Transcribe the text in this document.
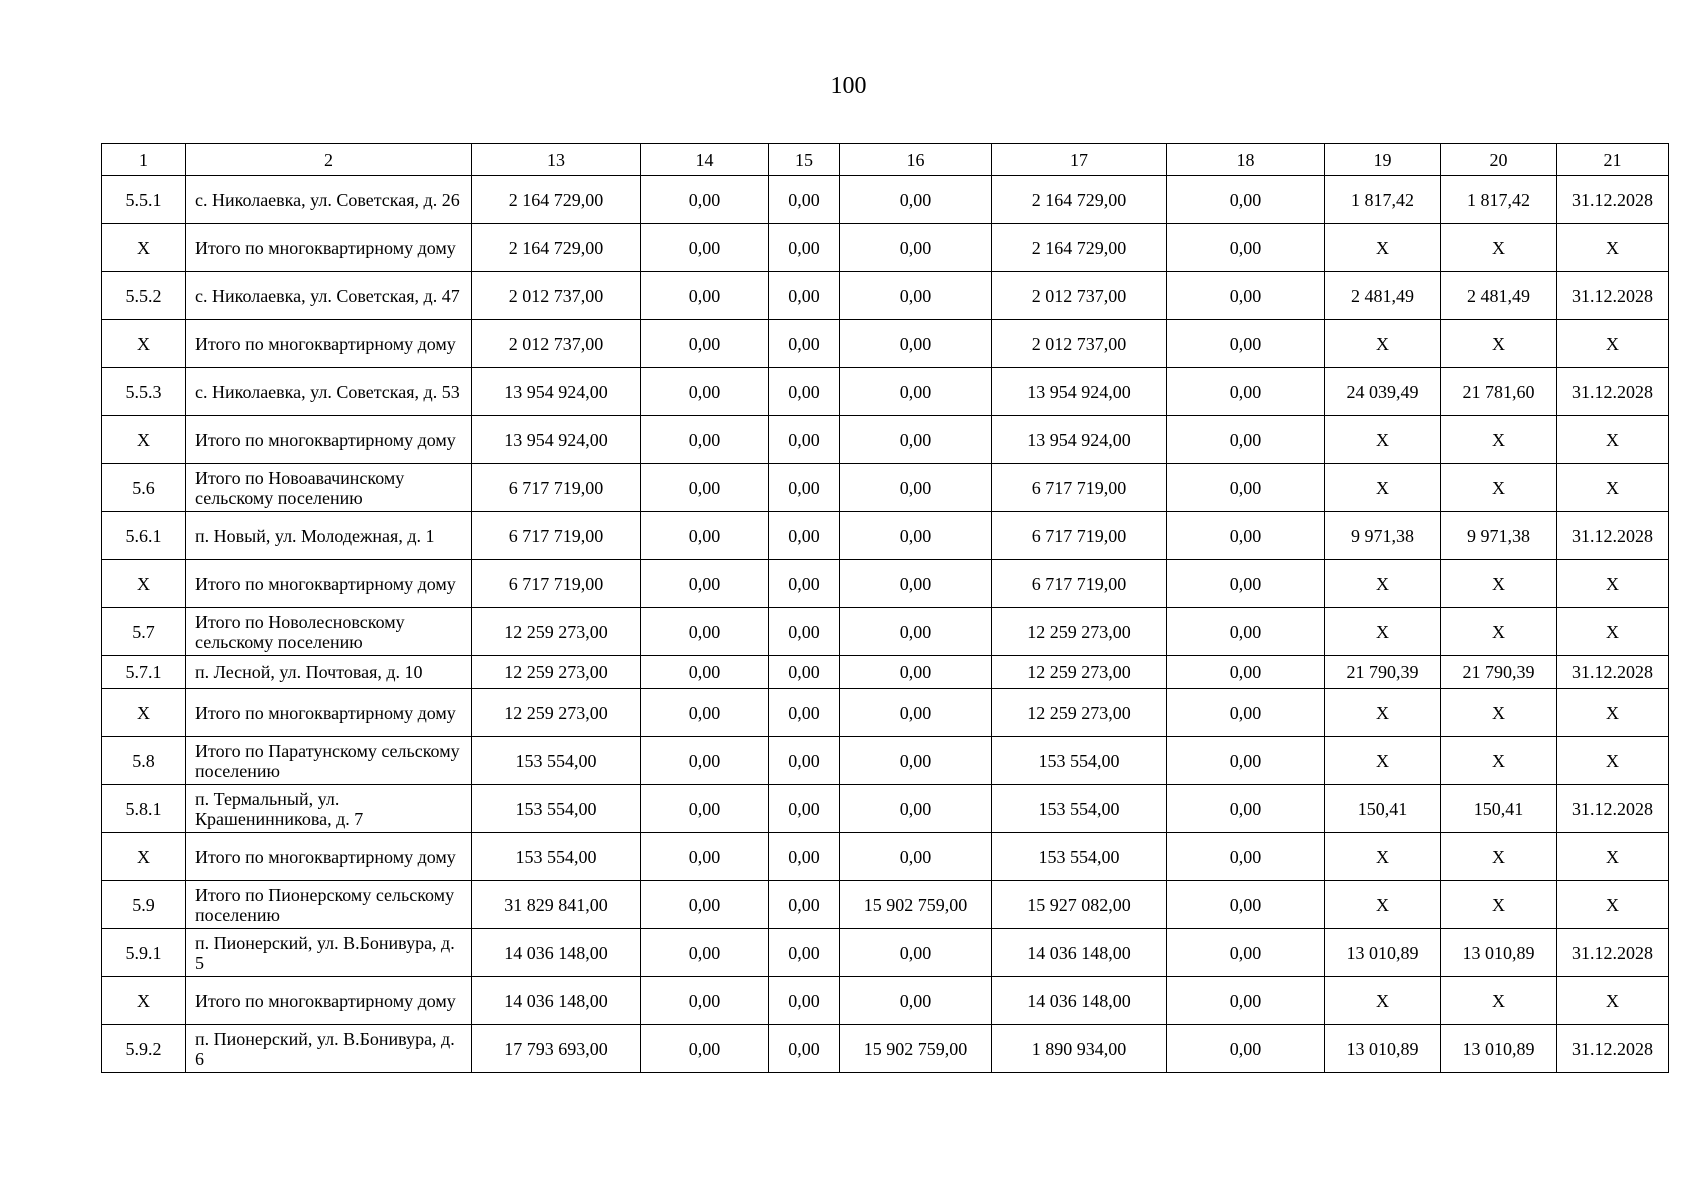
100
1	2	13	14	15	16	17	18	19	20	21
5.5.1	с. Николаевка, ул. Советская, д. 26	2 164 729,00	0,00	0,00	0,00	2 164 729,00	0,00	1 817,42	1 817,42	31.12.2028
X	Итого по многоквартирному дому	2 164 729,00	0,00	0,00	0,00	2 164 729,00	0,00	X	X	X
5.5.2	с. Николаевка, ул. Советская, д. 47	2 012 737,00	0,00	0,00	0,00	2 012 737,00	0,00	2 481,49	2 481,49	31.12.2028
X	Итого по многоквартирному дому	2 012 737,00	0,00	0,00	0,00	2 012 737,00	0,00	X	X	X
5.5.3	с. Николаевка, ул. Советская, д. 53	13 954 924,00	0,00	0,00	0,00	13 954 924,00	0,00	24 039,49	21 781,60	31.12.2028
X	Итого по многоквартирному дому	13 954 924,00	0,00	0,00	0,00	13 954 924,00	0,00	X	X	X
5.6	Итого по Новоавачинскому сельскому поселению	6 717 719,00	0,00	0,00	0,00	6 717 719,00	0,00	X	X	X
5.6.1	п. Новый, ул. Молодежная, д. 1	6 717 719,00	0,00	0,00	0,00	6 717 719,00	0,00	9 971,38	9 971,38	31.12.2028
X	Итого по многоквартирному дому	6 717 719,00	0,00	0,00	0,00	6 717 719,00	0,00	X	X	X
5.7	Итого по Новолесновскому сельскому поселению	12 259 273,00	0,00	0,00	0,00	12 259 273,00	0,00	X	X	X
5.7.1	п. Лесной, ул. Почтовая, д. 10	12 259 273,00	0,00	0,00	0,00	12 259 273,00	0,00	21 790,39	21 790,39	31.12.2028
X	Итого по многоквартирному дому	12 259 273,00	0,00	0,00	0,00	12 259 273,00	0,00	X	X	X
5.8	Итого по Паратунскому сельскому поселению	153 554,00	0,00	0,00	0,00	153 554,00	0,00	X	X	X
5.8.1	п. Термальный, ул. Крашенинникова, д. 7	153 554,00	0,00	0,00	0,00	153 554,00	0,00	150,41	150,41	31.12.2028
X	Итого по многоквартирному дому	153 554,00	0,00	0,00	0,00	153 554,00	0,00	X	X	X
5.9	Итого по Пионерскому сельскому поселению	31 829 841,00	0,00	0,00	15 902 759,00	15 927 082,00	0,00	X	X	X
5.9.1	п. Пионерский, ул. В.Бонивура, д. 5	14 036 148,00	0,00	0,00	0,00	14 036 148,00	0,00	13 010,89	13 010,89	31.12.2028
X	Итого по многоквартирному дому	14 036 148,00	0,00	0,00	0,00	14 036 148,00	0,00	X	X	X
5.9.2	п. Пионерский, ул. В.Бонивура, д. 6	17 793 693,00	0,00	0,00	15 902 759,00	1 890 934,00	0,00	13 010,89	13 010,89	31.12.2028
